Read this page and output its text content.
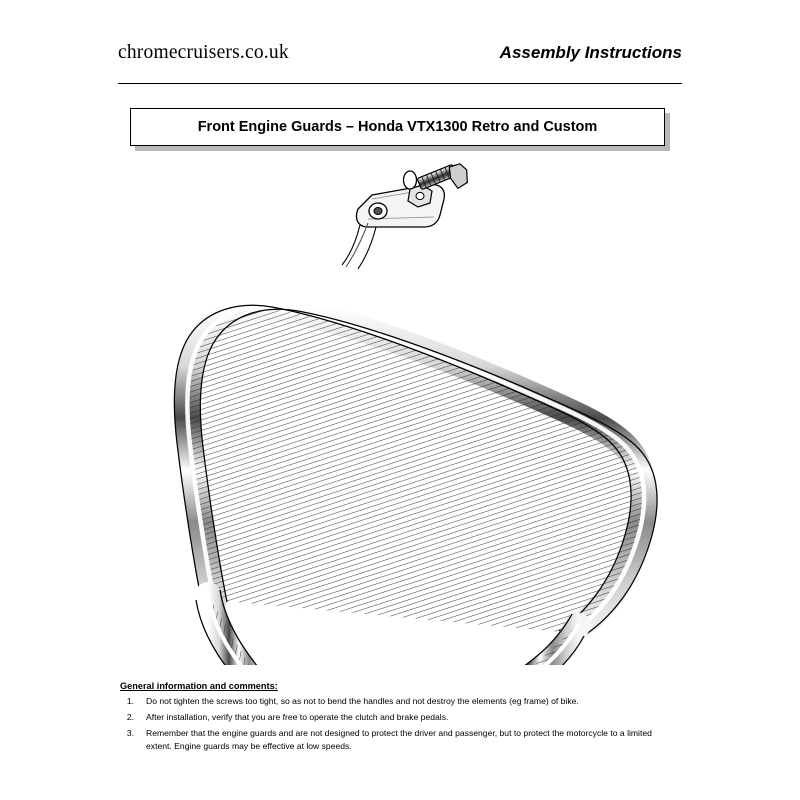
chromecruisers.co.uk	Assembly Instructions
Front Engine Guards – Honda VTX1300 Retro and Custom
General information and comments:
1.	Do not tighten the screws too tight, so as not to bend the handles and not destroy the elements (eg frame) of bike.
2.	After installation, verify that you are free to operate the clutch and brake pedals.
3.	Remember that the engine guards and are not designed to protect the driver and passenger, but to protect the motorcycle to a limited extent. Engine guards may be effective at low speeds.
